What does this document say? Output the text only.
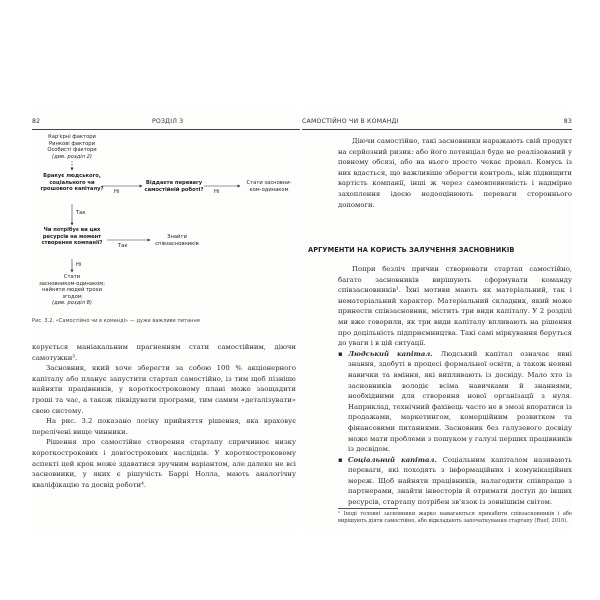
82	РОЗДІЛ 3
Кар'єрні фактори
Ринкові фактори
Особисті фактори
(див. розділ 2)
Бракує людського,
соціального чи
грошового капіталу?	Ні
Віддаєте перевагу
самостійній роботі?	Ні
Стати засновни-
ком-одинаком
Так
Чи потрібує ви цих
ресурсів на момент
створення компанії?	Так
Знайти
співзасновників
Ні
Стати
засновником-одинаком;
найняти людей трохи
згодом
(див. розділ 8)
Рис. 3.2. «Самостійно чи в команді» — дуже важливе питання

керується маніакальним прагненням стати самостійним, діючи самотужки³.

Засновник, який хоче зберегти за собою 100 % акціонерного капіталу або планує запустити стартап самостійно, із тим щоб пізніше найняти працівників, у короткостроковому плані може заощадити гроші та час, а також ліквідувати програми, тим самим «деталізувати» свою систему.

На рис. 3.2 показано логіку прийняття рішення, яка враховує перелічені вище чинники.

Рішення про самостійне створення стартапу спричинює низку короткострокових і довгострокових наслідків. У короткостроковому аспекті цей крок може здаватися зручним варіантом, але далеко не всі засновники, у якиx є рішучість Баррі Нолла, мають аналогічну кваліфікацію та досвід роботи⁴.

САМОСТІЙНО ЧИ В КОМАНДІ	83

Діючи самостійно, такі засновники наражають свій продукт на серйозний ризик: або його потенціал буде не реалізований у повному обсязі, або на нього просто чекає провал. Комусь із них вдасться, що важливіше зберегти контроль, ніж підвищити вартість компанії, інші ж через самовпевненість і надмірне захоплення ідеєю недооцінюють переваги стороннього допомоги.

АРГУМЕНТИ НА КОРИСТЬ ЗАЛУЧЕННЯ ЗАСНОВНИКІВ

Попри безліч причин створювати стартап самостійно, багато засновників вирішують сформувати команду співзасновників¹. Їхні мотиви мають як матеріальний, так і нематеріальний характер. Матеріальний складник, який може принести співзасновник, містить три види капіталу. У 2 розділі ми вже говорили, як три види капіталу впливають на рішення про доцільність підприємництва. Такі самі міркування беруться до уваги і в цій ситуації.

▪ Людський капітал. Людський капітал означає явні знання, здобуті в процесі формальної освіти, а також неявні навички та вміння, які випливають із досвіду. Мало хто із засновників володіє всіма навичками й знаннями, необхідними для створення нової організації з нуля. Наприклад, технічний фахівець часто не в змозі впоратися із продажами, маркетингом, комерційним розвитком та фінансовими питаннями. Засновник без галузевого досвіду може мати проблеми з пошуком у галузі перших працівників із досвідом.
▪ Соціальний капітал. Соціальним капіталом називають переваги, які походять з інформаційних і комунікаційних мереж. Щоб найняти працівників, налагодити співпрацю з партнерами, знайти інвесторів й отримати доступ до інших ресурсів, стартапу потрібен зв'язок із зовнішнім світом.
¹ Іноді головні засновники жарко намагаються прикабити співзасновників і або вирішують діяти самостійно, або відкладають започаткування стартапу (Ruef, 2010).
